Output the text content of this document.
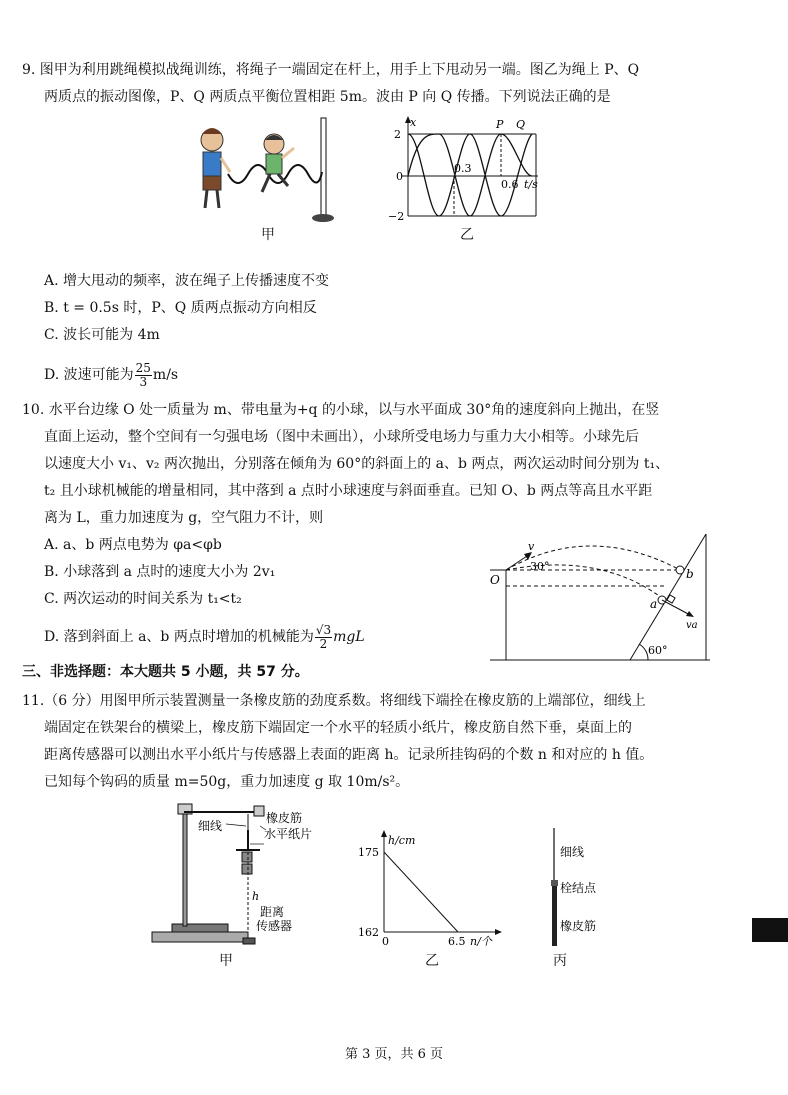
9. 图甲为利用跳绳模拟战绳训练，将绳子一端固定在杆上，用手上下甩动另一端。图乙为绳上 P、Q
两质点的振动图像，P、Q 两质点平衡位置相距 5m。波由 P 向 Q 传播。下列说法正确的是
甲
x
2
−2
0
0.3
0.6 t/s
P Q
乙
A. 增大甩动的频率，波在绳子上传播速度不变
B. t = 0.5s 时，P、Q 质两点振动方向相反
C. 波长可能为 4m
D. 波速可能为 $\frac{25}{3} m/s$
10. 水平台边缘 O 处一质量为 m、带电量为+q 的小球，以与水平面成 30°角的速度斜向上抛出，在竖
直面上运动，整个空间有一匀强电场（图中未画出），小球所受电场力与重力大小相等。小球先后
以速度大小 v₁、v₂ 两次抛出，分别落在倾角为 60°的斜面上的 a、b 两点，两次运动时间分别为 t₁、
t₂ 且小球机械能的增量相同，其中落到 a 点时小球速度与斜面垂直。已知 O、b 两点等高且水平距
离为 L，重力加速度为 g，空气阻力不计，则
A. a、b 两点电势为 φa<φb
B. 小球落到 a 点时的速度大小为 2v₁
C. 两次运动的时间关系为 t₁<t₂
D. 落到斜面上 a、b 两点时增加的机械能为 $\frac{√3}{2}$ mgL
O
v
30°
a
b
va
60°
三、非选择题：本大题共 5 小题，共 57 分。
11.（6 分）用图甲所示装置测量一条橡皮筋的劲度系数。将细线下端拴在橡皮筋的上端部位，细线上
端固定在铁架台的横梁上，橡皮筋下端固定一个水平的轻质小纸片，橡皮筋自然下垂，桌面上的
距离传感器可以测出水平小纸片与传感器上表面的距离 h。记录所挂钩码的个数 n 和对应的 h 值。
已知每个钩码的质量 m=50g，重力加速度 g 取 10m/s²。
细线
橡皮筋
水平纸片
h
距离
传感器
甲
h/cm
175
162
0	6.5 n/个
乙
细线
栓结点
橡皮筋
丙
第 3 页，共 6 页
